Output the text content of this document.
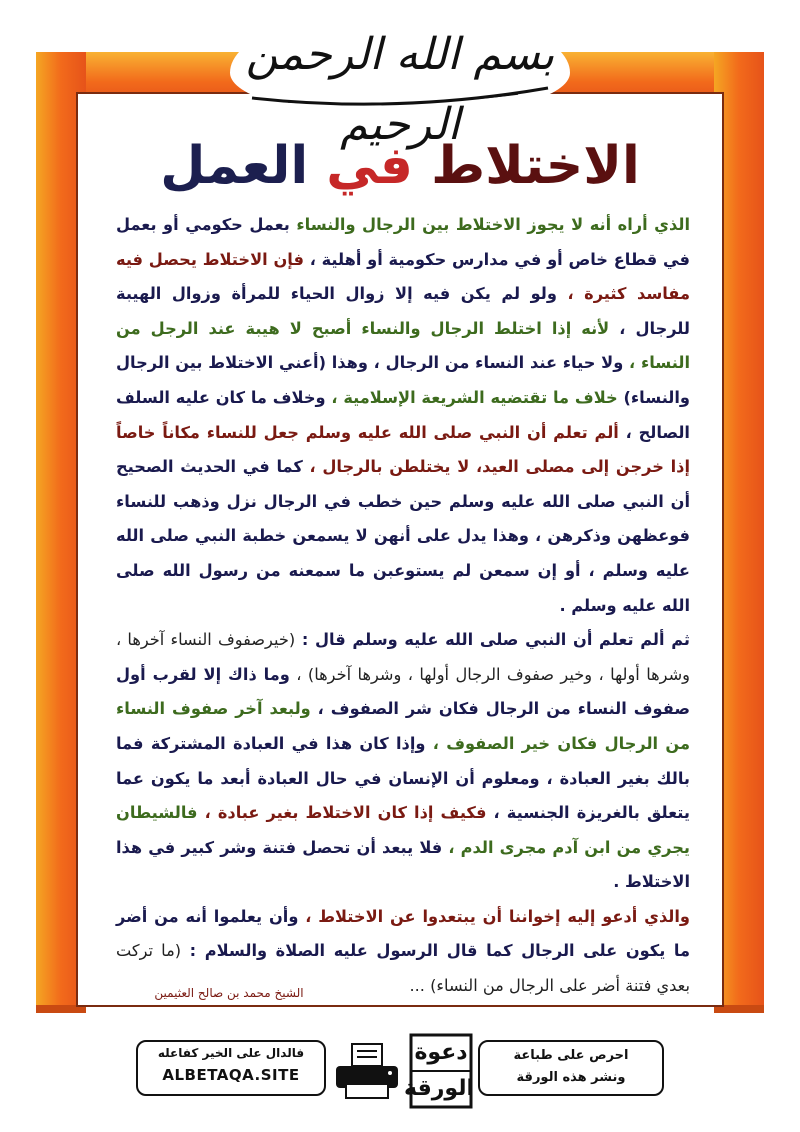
بسم الله الرحمن الرحيم
الاختلاط في العمل

الذي أراه أنه لا يجوز الاختلاط بين الرجال والنساء بعمل حكومي أو بعمل في قطاع خاص أو في مدارس حكومية أو أهلية ، فإن الاختلاط يحصل فيه مفاسد كثيرة ، ولو لم يكن فيه إلا زوال الحياء للمرأة وزوال الهيبة للرجال ، لأنه إذا اختلط الرجال والنساء أصبح لا هيبة عند الرجل من النساء ، ولا حياء عند النساء من الرجال ، وهذا (أعني الاختلاط بين الرجال والنساء) خلاف ما تقتضيه الشريعة الإسلامية ، وخلاف ما كان عليه السلف الصالح ، ألم تعلم أن النبي صلى الله عليه وسلم جعل للنساء مكاناً خاصاً إذا خرجن إلى مصلى العيد، لا يختلطن بالرجال ، كما في الحديث الصحيح أن النبي صلى الله عليه وسلم حين خطب في الرجال نزل وذهب للنساء فوعظهن وذكرهن ، وهذا يدل على أنهن لا يسمعن خطبة النبي صلى الله عليه وسلم ، أو إن سمعن لم يستوعبن ما سمعنه من رسول الله صلى الله عليه وسلم .

ثم ألم تعلم أن النبي صلى الله عليه وسلم قال : (خيرصفوف النساء آخرها ، وشرها أولها ، وخير صفوف الرجال أولها ، وشرها آخرها) ، وما ذاك إلا لقرب أول صفوف النساء من الرجال فكان شر الصفوف ، ولبعد آخر صفوف النساء من الرجال فكان خير الصفوف ، وإذا كان هذا في العبادة المشتركة فما بالك بغير العبادة ، ومعلوم أن الإنسان في حال العبادة أبعد ما يكون عما يتعلق بالغريزة الجنسية ، فكيف إذا كان الاختلاط بغير عبادة ، فالشيطان يجري من ابن آدم مجرى الدم ، فلا يبعد أن تحصل فتنة وشر كبير في هذا الاختلاط .

والذي أدعو إليه إخواننا أن يبتعدوا عن الاختلاط ، وأن يعلموا أنه من أضر ما يكون على الرجال كما قال الرسول عليه الصلاة والسلام : (ما تركت بعدي فتنة أضر على الرجال من النساء) ...

الشيخ محمد بن صالح العثيمين
فالدال على الخير كفاعله
ALBETAQA.SITE
دعوة
الورقة
احرص على طباعة
ونشر هذه الورقة
